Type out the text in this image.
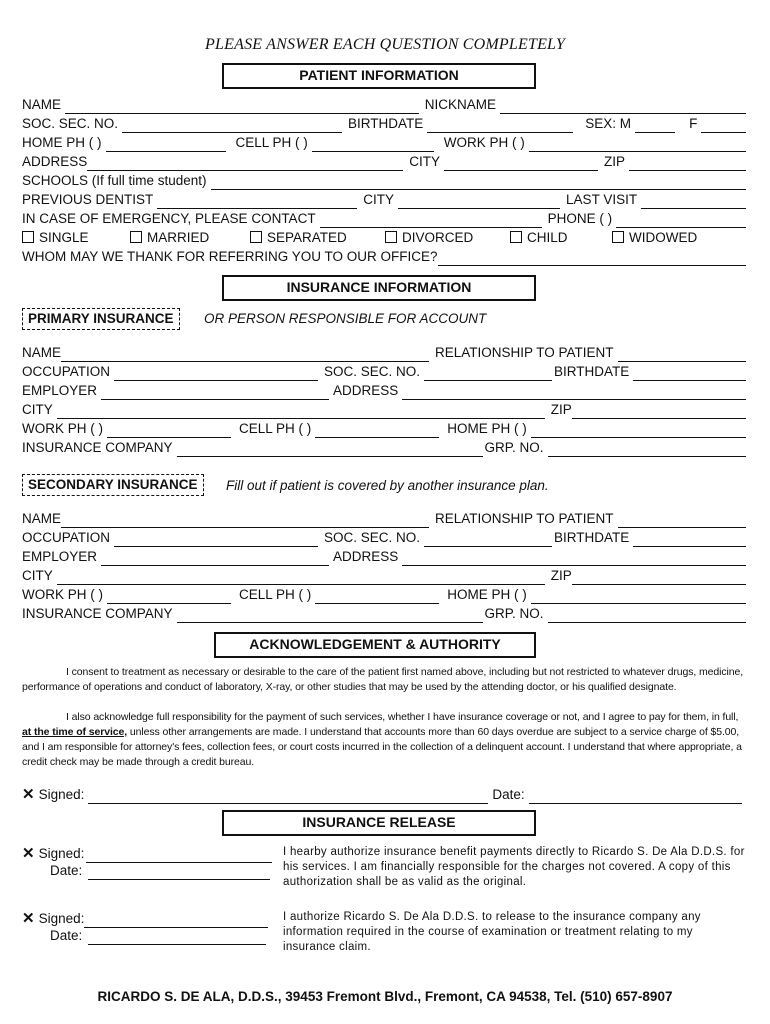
PLEASE ANSWER EACH QUESTION COMPLETELY
PATIENT INFORMATION
NAME	NICKNAME
SOC. SEC. NO.	BIRTHDATE	SEX: M	F
HOME PH ( )	CELL PH ( )	WORK PH ( )
ADDRESS	CITY	ZIP
SCHOOLS (If full time student)
PREVIOUS DENTIST	CITY	LAST VISIT
IN CASE OF EMERGENCY, PLEASE CONTACT	PHONE ( )
SINGLE	MARRIED	SEPARATED	DIVORCED	CHILD	WIDOWED
WHOM MAY WE THANK FOR REFERRING YOU TO OUR OFFICE?
INSURANCE INFORMATION
PRIMARY INSURANCE	OR PERSON RESPONSIBLE FOR ACCOUNT
NAME	RELATIONSHIP TO PATIENT
OCCUPATION	SOC. SEC. NO.	BIRTHDATE
EMPLOYER	ADDRESS
CITY	ZIP
WORK PH ( )	CELL PH ( )	HOME PH ( )
INSURANCE COMPANY	GRP. NO.
SECONDARY INSURANCE	Fill out if patient is covered by another insurance plan.
NAME	RELATIONSHIP TO PATIENT
OCCUPATION	SOC. SEC. NO.	BIRTHDATE
EMPLOYER	ADDRESS
CITY	ZIP
WORK PH ( )	CELL PH ( )	HOME PH ( )
INSURANCE COMPANY	GRP. NO.
ACKNOWLEDGEMENT & AUTHORITY
I consent to treatment as necessary or desirable to the care of the patient first named above, including but not restricted to whatever drugs, medicine, performance of operations and conduct of laboratory, X-ray, or other studies that may be used by the attending doctor, or his qualified designate.
I also acknowledge full responsibility for the payment of such services, whether I have insurance coverage or not, and I agree to pay for them, in full, at the time of service, unless other arrangements are made. I understand that accounts more than 60 days overdue are subject to a service charge of $5.00, and I am responsible for attorney's fees, collection fees, or court costs incurred in the collection of a delinquent account. I understand that where appropriate, a credit check may be made through a credit bureau.
✕ Signed:	Date:
INSURANCE RELEASE
✕ Signed:
Date:
I hearby authorize insurance benefit payments directly to Ricardo S. De Ala D.D.S. for his services. I am financially responsible for the charges not covered. A copy of this authorization shall be as valid as the original.
✕ Signed:
Date:
I authorize Ricardo S. De Ala D.D.S. to release to the insurance company any information required in the course of examination or treatment relating to my insurance claim.
RICARDO S. DE ALA, D.D.S., 39453 Fremont Blvd., Fremont, CA 94538, Tel. (510) 657-8907
